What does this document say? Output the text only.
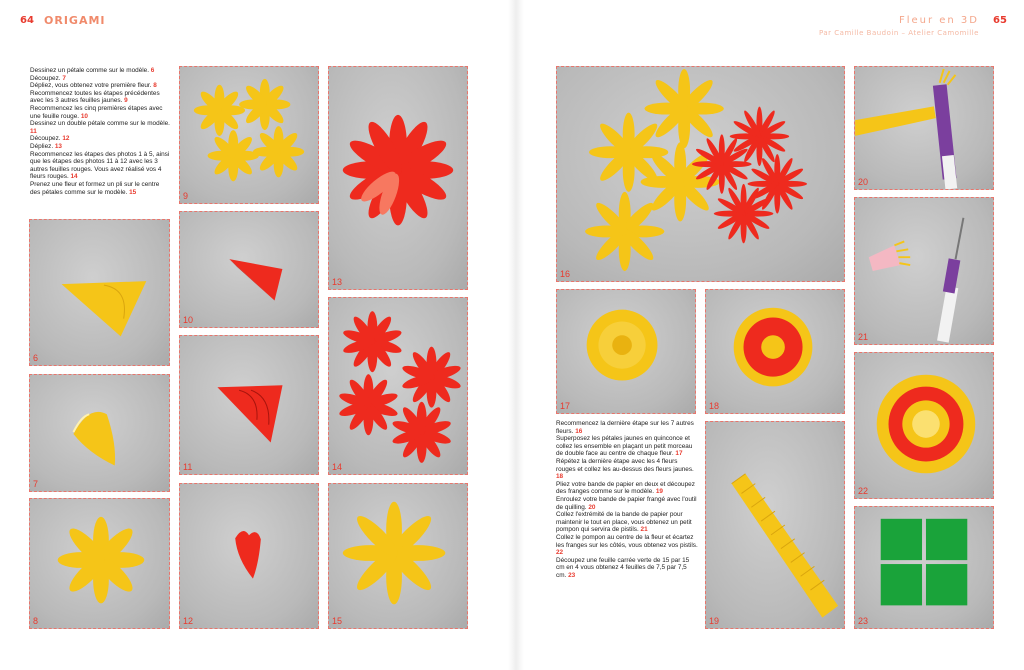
64 ORIGAMI	Fleur en 3D
Par Camille Baudoin – Atelier Camomille
65

Dessinez un pétale comme sur le modèle. 6

Découpez. 7

Dépliez, vous obtenez votre première fleur. 8

Recommencez toutes les étapes précédentes avec les 3 autres feuilles jaunes. 9

Recommencez les cinq premières étapes avec une feuille rouge. 10

Dessinez un double pétale comme sur le modèle. 11

Découpez. 12

Dépliez. 13

Recommencez les étapes des photos 1 à 5, ainsi que les étapes des photos 11 à 12 avec les 3 autres feuilles rouges. Vous avez réalisé vos 4 fleurs rouges. 14

Prenez une fleur et formez un pli sur le centre des pétales comme sur le modèle. 15

Recommencez la dernière étape sur les 7 autres fleurs. 16

Superposez les pétales jaunes en quinconce et collez les ensemble en plaçant un petit morceau de double face au centre de chaque fleur. 17

Répétez la dernière étape avec les 4 fleurs rouges et collez les au-dessus des fleurs jaunes. 18

Pliez votre bande de papier en deux et découpez des franges comme sur le modèle. 19

Enroulez votre bande de papier frangé avec l'outil de quilling. 20

Collez l'extrémité de la bande de papier pour maintenir le tout en place, vous obtenez un petit pompon qui servira de pistils. 21

Collez le pompon au centre de la fleur et écartez les franges sur les côtés, vous obtenez vos pistils. 22

Découpez une feuille carrée verte de 15 par 15 cm en 4 vous obtenez 4 feuilles de 7,5 par 7,5 cm. 23

6
7
8
9
10
11
12
13
14
15
16
17	18
19
20
21
22
23
